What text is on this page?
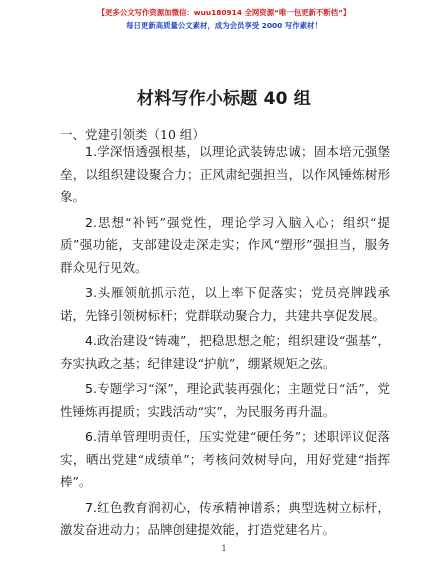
【更多公文写作资源加微信：wuu180914 全网资源“唯一包更新不断档”】
每日更新高质量公文素材，成为会员享受 2000 写作素材！
材料写作小标题 40 组
一、党建引领类（10 组）

1.学深悟透强根基，以理论武装铸忠诚；固本培元强堡垒，以组织建设聚合力；正风肃纪强担当，以作风锤炼树形象。

2.思想“补钙”强党性，理论学习入脑入心；组织“提质”强功能，支部建设走深走实；作风“塑形”强担当，服务群众见行见效。

3.头雁领航抓示范，以上率下促落实；党员亮牌践承诺，先锋引领树标杆；党群联动聚合力，共建共享促发展。

4.政治建设“铸魂”，把稳思想之舵；组织建设“强基”，夯实执政之基；纪律建设“护航”，绷紧规矩之弦。

5.专题学习“深”，理论武装再强化；主题党日“活”，党性锤炼再提质；实践活动“实”，为民服务再升温。

6.清单管理明责任，压实党建“硬任务”；述职评议促落实，晒出党建“成绩单”；考核问效树导向，用好党建“指挥棒”。

7.红色教育润初心，传承精神谱系；典型选树立标杆，激发奋进动力；品牌创建提效能，打造党建名片。

1
